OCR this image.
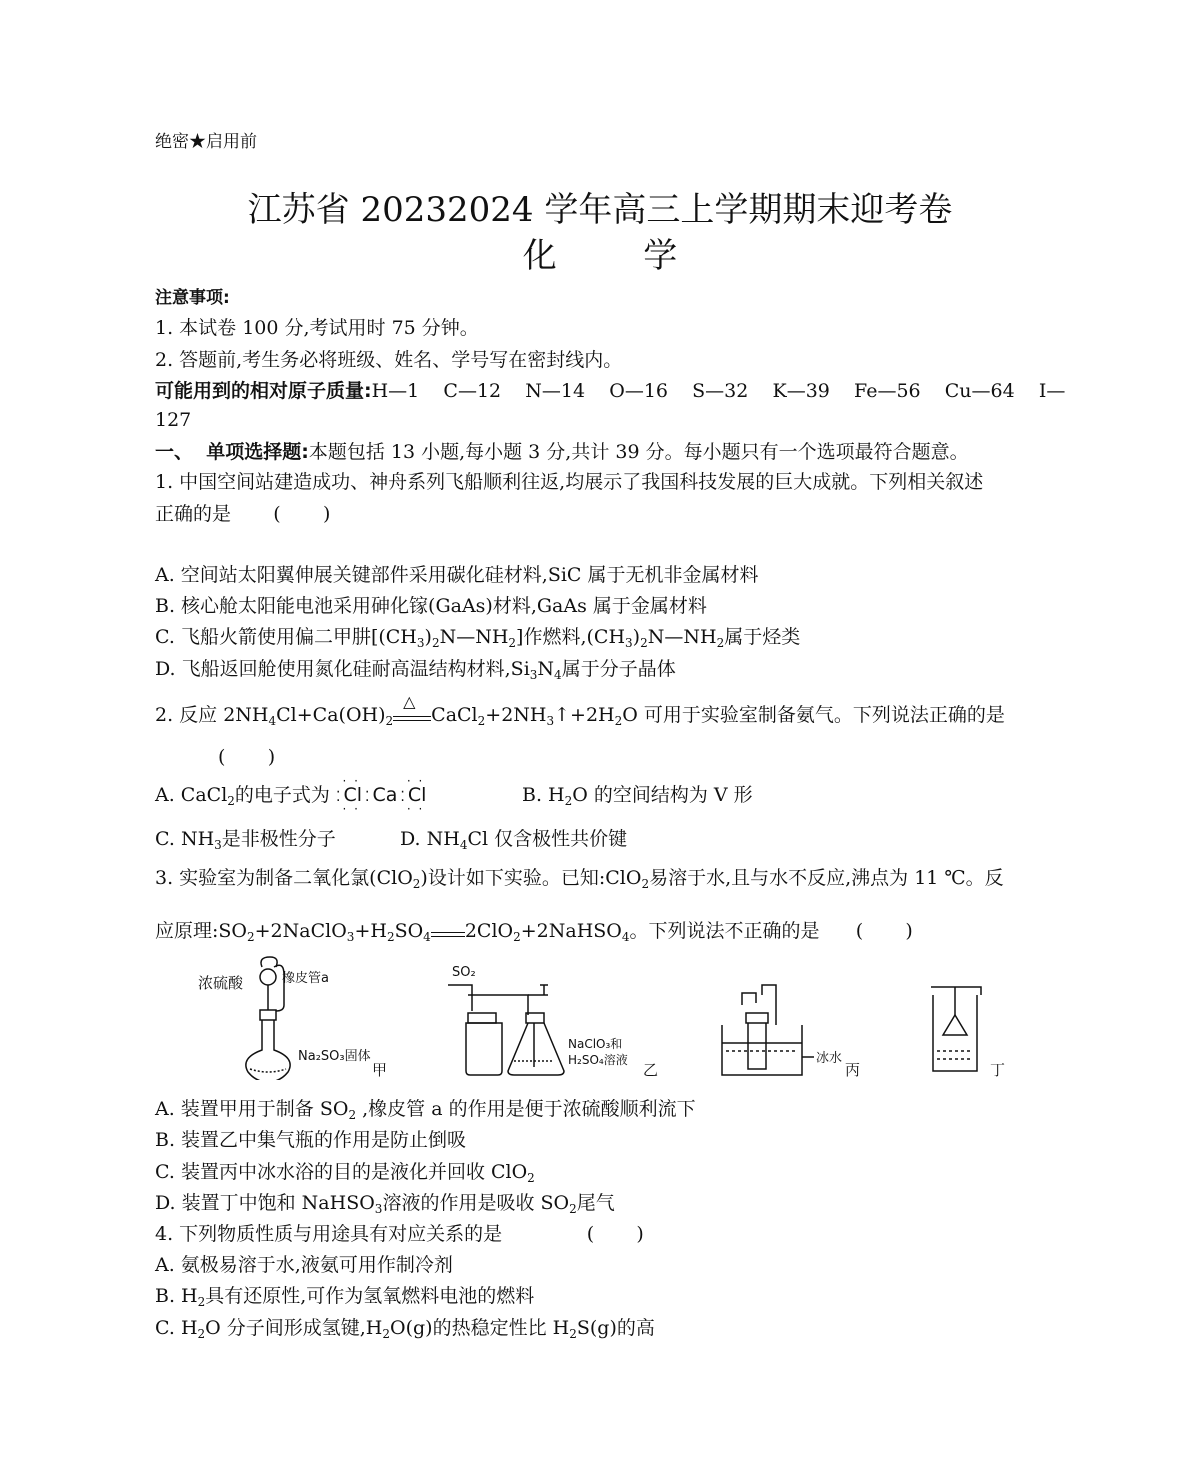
绝密★启用前
江苏省 20232024 学年高三上学期期末迎考卷
化        学
注意事项:
1. 本试卷 100 分,考试用时 75 分钟。
2. 答题前,考生务必将班级、姓名、学号写在密封线内。
可能用到的相对原子质量:H—1    C—12    N—14    O—16    S—32    K—39    Fe—56    Cu—64    I—
127
一、  单项选择题:本题包括 13 小题,每小题 3 分,共计 39 分。每小题只有一个选项最符合题意。
1. 中国空间站建造成功、神舟系列飞船顺利往返,均展示了我国科技发展的巨大成就。下列相关叙述
正确的是       (       )
A. 空间站太阳翼伸展关键部件采用碳化硅材料,SiC 属于无机非金属材料
B. 核心舱太阳能电池采用砷化镓(GaAs)材料,GaAs 属于金属材料
C. 飞船火箭使用偏二甲肼$[(CH_3)_2N—NH_2]$作燃料$,(CH_3)_2N—NH_2$属于烃类
D. 飞船返回舱使用氮化硅耐高温结构材料$,Si_3N_4$属于分子晶体
2. 反应 $2NH_4Cl+Ca(OH)_2$
△
$CaCl_2+2NH_3↑+2H_2O$ 可用于实验室制备氨气。下列说法正确的是
(       )
A. CaCl$_2$的电子式为 ⁚ · · Cl · · ⁚ Ca ⁚ · · Cl · ·	B. $H_2O$ 的空间结构为 V 形
C. $NH_3$是非极性分子	D. $NH_4Cl$ 仅含极性共价键
3. 实验室为制备二氧化氯(ClO$_2$)设计如下实验。已知:ClO$_2$易溶于水,且与水不反应,沸点为 11 ℃。反
应原理$:SO_2+2NaClO_3+H_2SO_4$ 2ClO$_2$+2NaHSO$_4$。下列说法不正确的是      (       )
浓硫酸	橡皮管a
Na₂SO₃固体
甲
SO₂
NaClO₃和
H₂SO₄溶液
乙
冰水
丙	丁
A. 装置甲用于制备 $SO_2$ ,橡皮管 a 的作用是便于浓硫酸顺利流下
B. 装置乙中集气瓶的作用是防止倒吸
C. 装置丙中冰水浴的目的是液化并回收 ClO$_2$
D. 装置丁中饱和 NaHSO$_3$溶液的作用是吸收 $SO_2$尾气
4. 下列物质性质与用途具有对应关系的是              (       )
A. 氨极易溶于水,液氨可用作制冷剂
B. $H_2$具有还原性,可作为氢氧燃料电池的燃料
C. $H_2O$ 分子间形成氢键$,H_2O(g)$的热稳定性比 $H_2S(g)$的高
